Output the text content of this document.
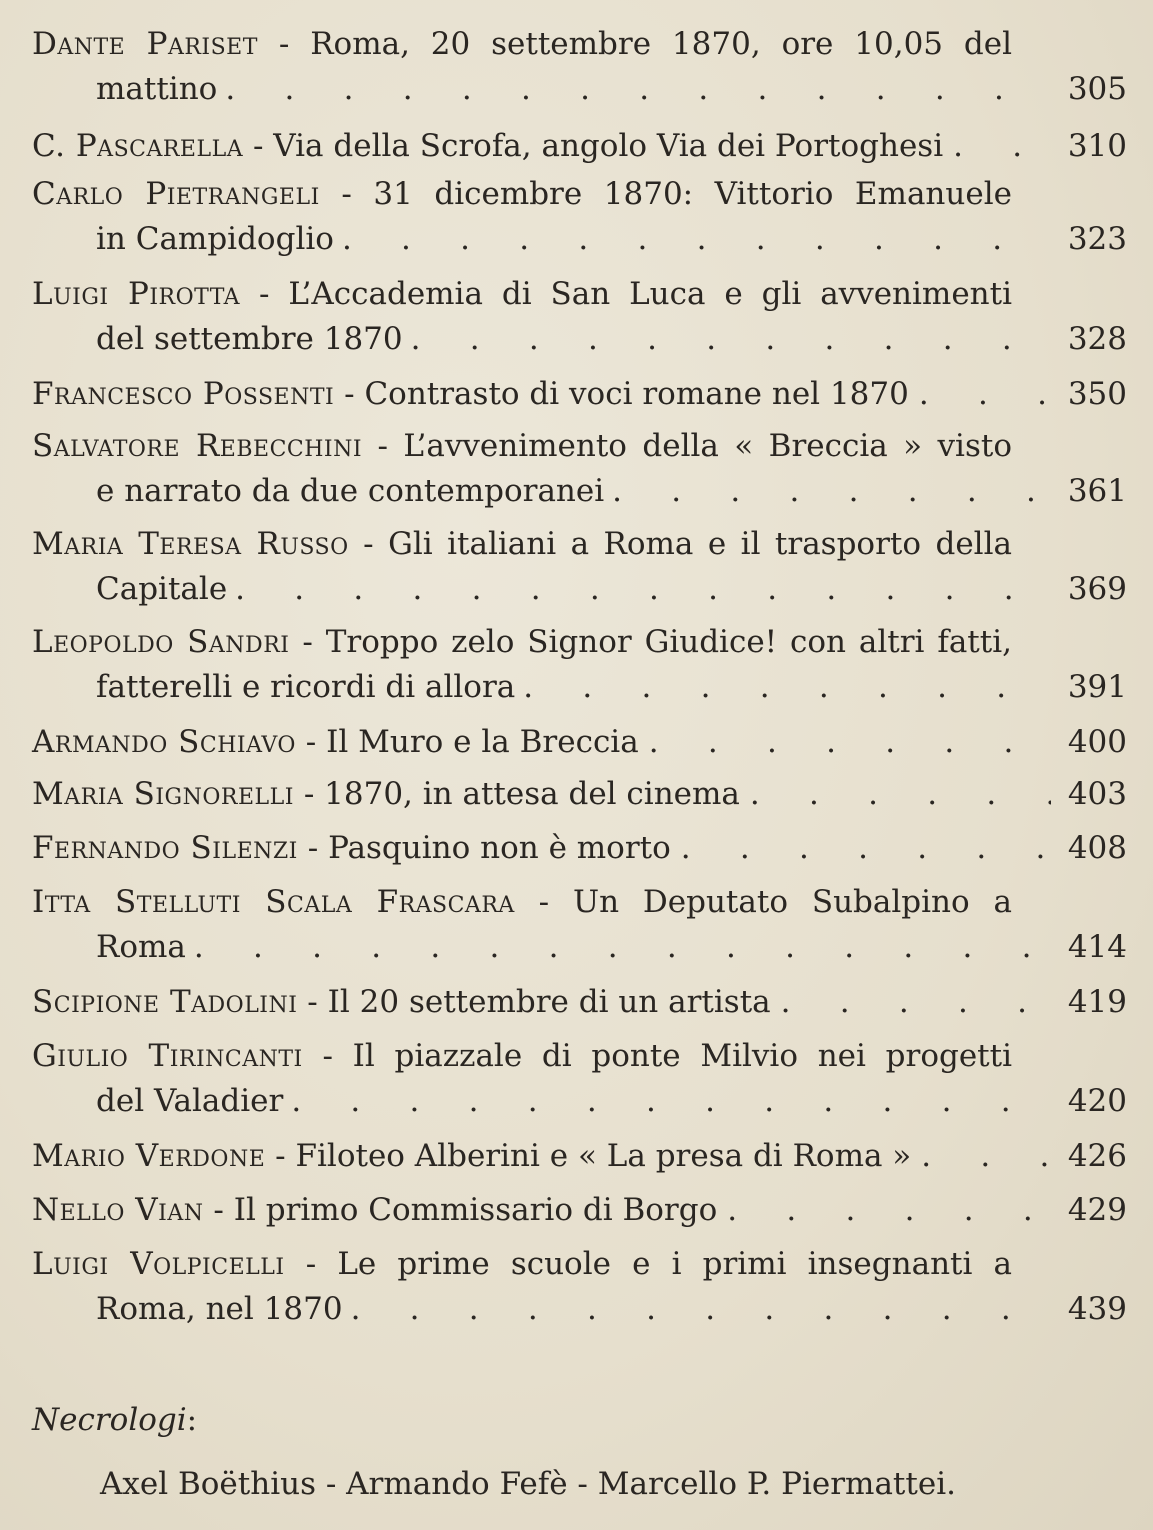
Dante Pariset - Roma, 20 settembre 1870, ore 10,05 del
mattino .	305
C. Pascarella - Via della Scrofa, angolo Via dei Portoghesi .	310
Carlo Pietrangeli - 31 dicembre 1870: Vittorio Emanuele
in Campidoglio .	323
Luigi Pirotta - L’Accademia di San Luca e gli avvenimenti
del settembre 1870 .	328
Francesco Possenti - Contrasto di voci romane nel 1870 .	350
Salvatore Rebecchini - L’avvenimento della « Breccia » visto
e narrato da due contemporanei .	361
Maria Teresa Russo - Gli italiani a Roma e il trasporto della
Capitale .	369
Leopoldo Sandri - Troppo zelo Signor Giudice! con altri fatti,
fatterelli e ricordi di allora .	391
Armando Schiavo - Il Muro e la Breccia .	400
Maria Signorelli - 1870, in attesa del cinema .	403
Fernando Silenzi - Pasquino non è morto .	408
Itta Stelluti Scala Frascara - Un Deputato Subalpino a
Roma .	414
Scipione Tadolini - Il 20 settembre di un artista .	419
Giulio Tirincanti - Il piazzale di ponte Milvio nei progetti
del Valadier .	420
Mario Verdone - Filoteo Alberini e « La presa di Roma » .	426
Nello Vian - Il primo Commissario di Borgo .	429
Luigi Volpicelli - Le prime scuole e i primi insegnanti a
Roma, nel 1870 .	439
Necrologi:
Axel Boëthius - Armando Fefè - Marcello P. Piermattei.
